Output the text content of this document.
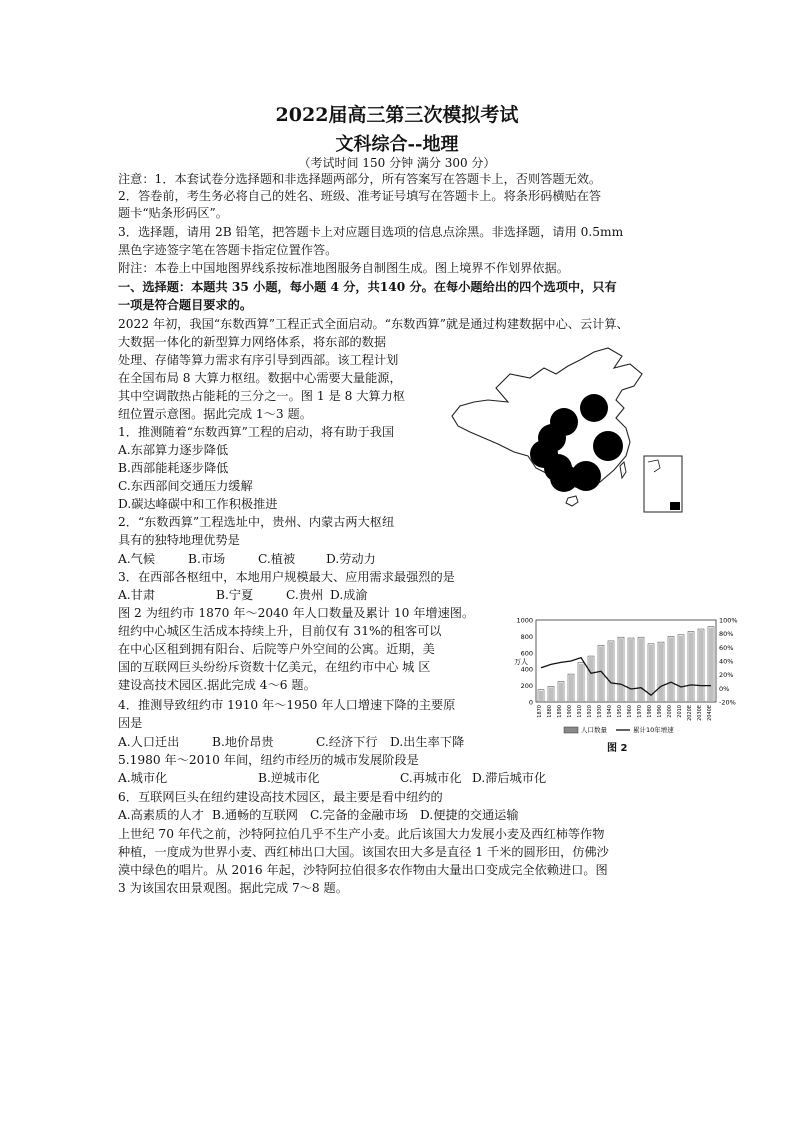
2022届高三第三次模拟考试
文科综合--地理
（考试时间 150 分钟 满分 300 分）
注意：1．本套试卷分选择题和非选择题两部分，所有答案写在答题卡上，否则答题无效。
2．答卷前，考生务必将自己的姓名、班级、准考证号填写在答题卡上。将条形码横贴在答
题卡“贴条形码区”。
3．选择题，请用 2B 铅笔，把答题卡上对应题目选项的信息点涂黑。非选择题，请用 0.5mm
黑色字迹签字笔在答题卡指定位置作答。
附注：本卷上中国地图界线系按标准地图服务自制图生成。图上境界不作划界依据。
一、选择题：本题共 35 小题，每小题 4 分，共140 分。在每小题给出的四个选项中，只有
一项是符合题目要求的。
2022 年初，我国“东数西算”工程正式全面启动。“东数西算”就是通过构建数据中心、云计算、
大数据一体化的新型算力网络体系，将东部的数据
处理、存储等算力需求有序引导到西部。该工程计划
在全国布局 8 大算力枢纽。数据中心需要大量能源，
其中空调散热占能耗的三分之一。图 1 是 8 大算力枢
纽位置示意图。据此完成 1～3 题。
1．推测随着“东数西算”工程的启动，将有助于我国
A.东部算力逐步降低
B.西部能耗逐步降低
C.东西部间交通压力缓解
D.碳达峰碳中和工作积极推进
2．“东数西算”工程选址中，贵州、内蒙古两大枢纽
具有的独特地理优势是
A.气候	B.市场	C.植被	D.劳动力
3．在西部各枢纽中，本地用户规模最大、应用需求最强烈的是
A.甘肃	B.宁夏	C.贵州 D.成渝
图 2 为纽约市 1870 年～2040 年人口数量及累计 10 年增速图。
纽约中心城区生活成本持续上升，目前仅有 31%的租客可以
在中心区租到拥有阳台、后院等户外空间的公寓。近期，美
国的互联网巨头纷纷斥资数十亿美元，在纽约市中心 城 区
建设高技术园区.据此完成 4～6 题。
0
200
400
600
800
1000
-20%
0%
20%
40%
60%
80%
100%
万人
1870 1880 1890 1900 1910 1920 1930 1940 1950 1960 1970 1980 1990 2000 2010 2020E 2030E 2040E
人口数量	累计10年增速
图 2
4．推测导致纽约市 1910 年～1950 年人口增速下降的主要原
因是
A.人口迁出	B.地价昂贵	C.经济下行 D.出生率下降
5.1980 年～2010 年间，纽约市经历的城市发展阶段是
A.城市化	B.逆城市化	C.再城市化 D.滞后城市化
6．互联网巨头在纽约建设高技术园区，最主要是看中纽约的
A.高素质的人才 B.通畅的互联网 C.完备的金融市场 D.便捷的交通运输
上世纪 70 年代之前，沙特阿拉伯几乎不生产小麦。此后该国大力发展小麦及西红柿等作物
种植，一度成为世界小麦、西红柿出口大国。该国农田大多是直径 1 千米的圆形田，仿佛沙
漠中绿色的唱片。从 2016 年起，沙特阿拉伯很多农作物由大量出口变成完全依赖进口。图
3 为该国农田景观图。据此完成 7～8 题。
